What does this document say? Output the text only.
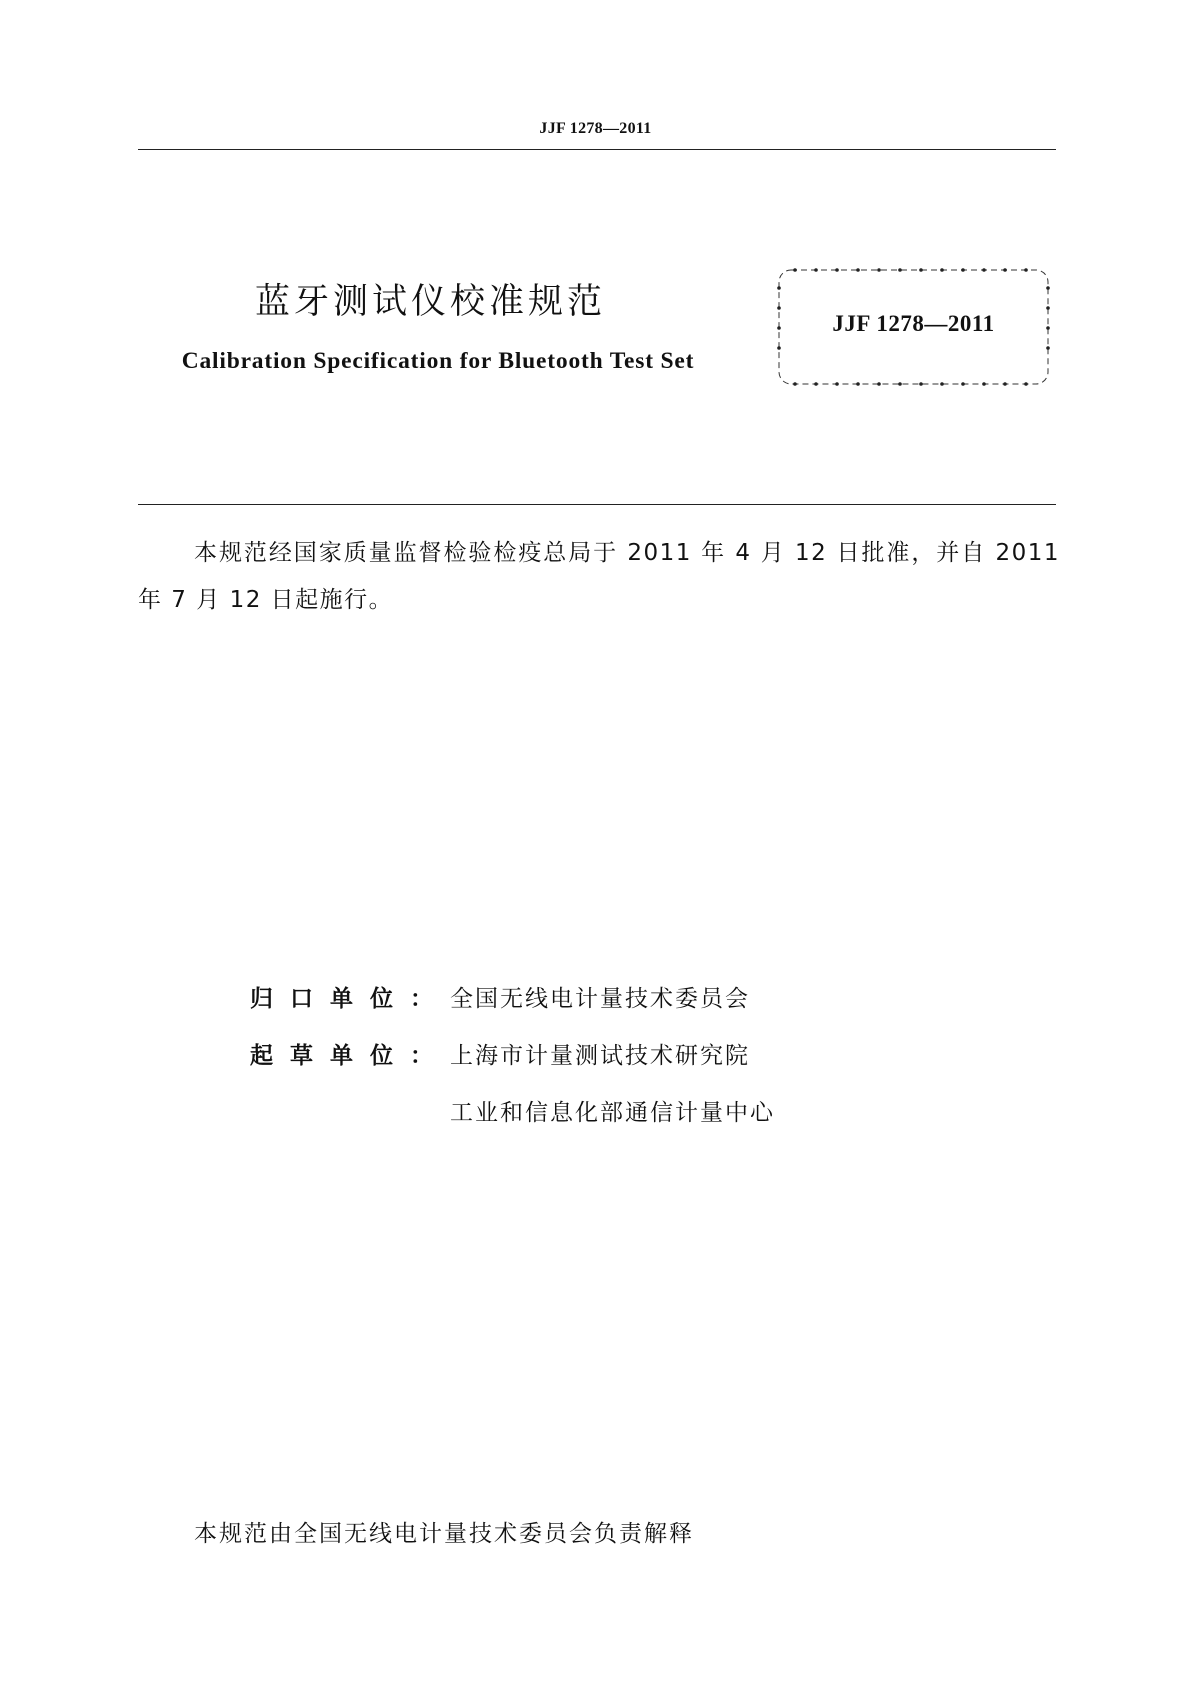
JJF 1278—2011
蓝牙测试仪校准规范
Calibration Specification for Bluetooth Test Set
JJF 1278—2011
本规范经国家质量监督检验检疫总局于 2011 年 4 月 12 日批准，并自 2011 年 7 月 12 日起施行。
归口单位： 全国无线电计量技术委员会
起草单位： 上海市计量测试技术研究院
工业和信息化部通信计量中心
本规范由全国无线电计量技术委员会负责解释
